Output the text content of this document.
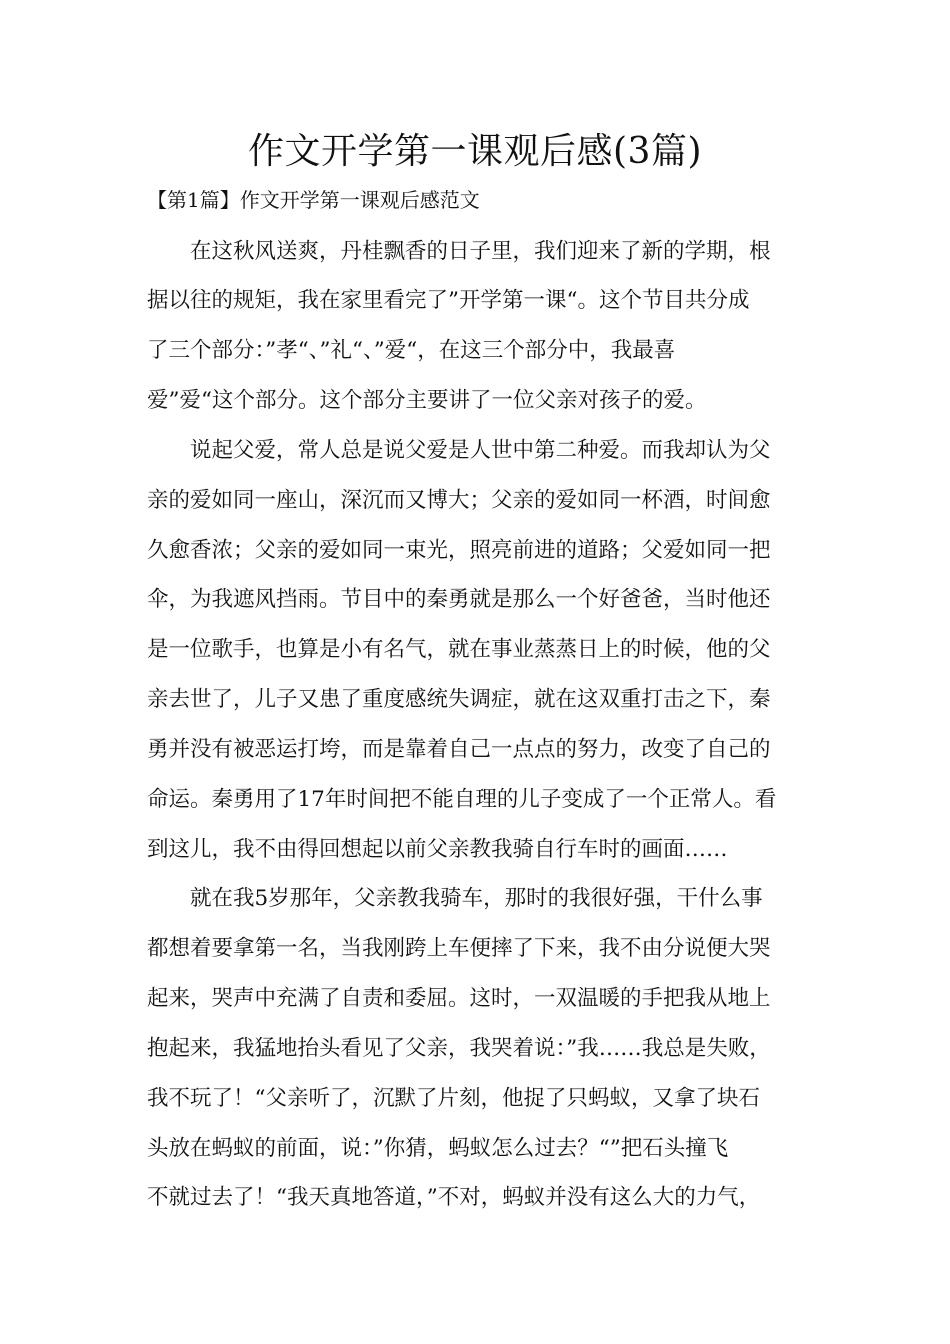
作文开学第一课观后感(3篇)
【第1篇】作文开学第一课观后感范文
在这秋风送爽，丹桂飘香的日子里，我们迎来了新的学期，根
据以往的规矩，我在家里看完了”开学第一课“。这个节目共分成
了三个部分：”孝“、”礼“、”爱“，在这三个部分中，我最喜
爱”爱“这个部分。这个部分主要讲了一位父亲对孩子的爱。
说起父爱，常人总是说父爱是人世中第二种爱。而我却认为父
亲的爱如同一座山，深沉而又博大；父亲的爱如同一杯酒，时间愈
久愈香浓；父亲的爱如同一束光，照亮前进的道路；父爱如同一把
伞，为我遮风挡雨。节目中的秦勇就是那么一个好爸爸，当时他还
是一位歌手，也算是小有名气，就在事业蒸蒸日上的时候，他的父
亲去世了，儿子又患了重度感统失调症，就在这双重打击之下，秦
勇并没有被恶运打垮，而是靠着自己一点点的努力，改变了自己的
命运。秦勇用了17年时间把不能自理的儿子变成了一个正常人。看
到这儿，我不由得回想起以前父亲教我骑自行车时的画面……
就在我5岁那年，父亲教我骑车，那时的我很好强，干什么事
都想着要拿第一名，当我刚跨上车便摔了下来，我不由分说便大哭
起来，哭声中充满了自责和委屈。这时，一双温暖的手把我从地上
抱起来，我猛地抬头看见了父亲，我哭着说：”我……我总是失败，
我不玩了！“父亲听了，沉默了片刻，他捉了只蚂蚁，又拿了块石
头放在蚂蚁的前面，说：”你猜，蚂蚁怎么过去？“”把石头撞飞
不就过去了！“我天真地答道，”不对，蚂蚁并没有这么大的力气，
